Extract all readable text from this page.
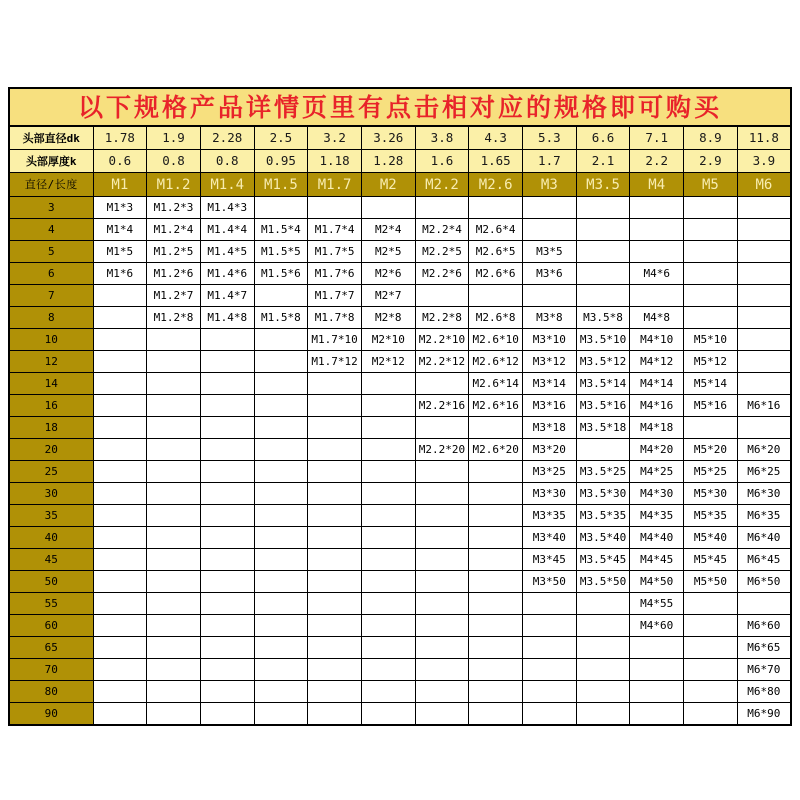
以下规格产品详情页里有点击相对应的规格即可购买													
头部直径dk	1.78	1.9	2.28	2.5	3.2	3.26	3.8	4.3	5.3	6.6	7.1	8.9	11.8
头部厚度k	0.6	0.8	0.8	0.95	1.18	1.28	1.6	1.65	1.7	2.1	2.2	2.9	3.9
直径/长度	M1	M1.2	M1.4	M1.5	M1.7	M2	M2.2	M2.6	M3	M3.5	M4	M5	M6
3	M1*3	M1.2*3	M1.4*3										
4	M1*4	M1.2*4	M1.4*4	M1.5*4	M1.7*4	M2*4	M2.2*4	M2.6*4					
5	M1*5	M1.2*5	M1.4*5	M1.5*5	M1.7*5	M2*5	M2.2*5	M2.6*5	M3*5				
6	M1*6	M1.2*6	M1.4*6	M1.5*6	M1.7*6	M2*6	M2.2*6	M2.6*6	M3*6		M4*6		
7		M1.2*7	M1.4*7		M1.7*7	M2*7							
8		M1.2*8	M1.4*8	M1.5*8	M1.7*8	M2*8	M2.2*8	M2.6*8	M3*8	M3.5*8	M4*8		
10					M1.7*10	M2*10	M2.2*10	M2.6*10	M3*10	M3.5*10	M4*10	M5*10	
12					M1.7*12	M2*12	M2.2*12	M2.6*12	M3*12	M3.5*12	M4*12	M5*12	
14								M2.6*14	M3*14	M3.5*14	M4*14	M5*14	
16							M2.2*16	M2.6*16	M3*16	M3.5*16	M4*16	M5*16	M6*16
18									M3*18	M3.5*18	M4*18		
20							M2.2*20	M2.6*20	M3*20		M4*20	M5*20	M6*20
25									M3*25	M3.5*25	M4*25	M5*25	M6*25
30									M3*30	M3.5*30	M4*30	M5*30	M6*30
35									M3*35	M3.5*35	M4*35	M5*35	M6*35
40									M3*40	M3.5*40	M4*40	M5*40	M6*40
45									M3*45	M3.5*45	M4*45	M5*45	M6*45
50									M3*50	M3.5*50	M4*50	M5*50	M6*50
55											M4*55		
60											M4*60		M6*60
65													M6*65
70													M6*70
80													M6*80
90													M6*90
